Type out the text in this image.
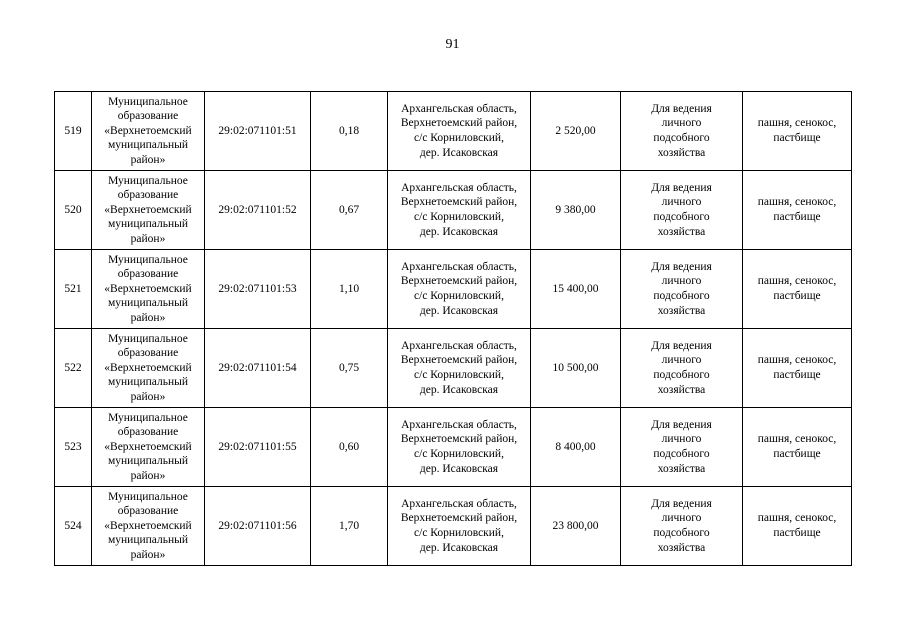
91
519	Муниципальное
образование
«Верхнетоемский
муниципальный
район»	29:02:071101:51	0,18	Архангельская область,
Верхнетоемский район,
с/с Корниловский,
дер. Исаковская	2 520,00	Для ведения
личного
подсобного
хозяйства	пашня, сенокос,
пастбище

520	Муниципальное
образование
«Верхнетоемский
муниципальный
район»	29:02:071101:52	0,67	Архангельская область,
Верхнетоемский район,
с/с Корниловский,
дер. Исаковская	9 380,00	Для ведения
личного
подсобного
хозяйства	пашня, сенокос,
пастбище

521	Муниципальное
образование
«Верхнетоемский
муниципальный
район»	29:02:071101:53	1,10	Архангельская область,
Верхнетоемский район,
с/с Корниловский,
дер. Исаковская	15 400,00	Для ведения
личного
подсобного
хозяйства	пашня, сенокос,
пастбище

522	Муниципальное
образование
«Верхнетоемский
муниципальный
район»	29:02:071101:54	0,75	Архангельская область,
Верхнетоемский район,
с/с Корниловский,
дер. Исаковская	10 500,00	Для ведения
личного
подсобного
хозяйства	пашня, сенокос,
пастбище

523	Муниципальное
образование
«Верхнетоемский
муниципальный
район»	29:02:071101:55	0,60	Архангельская область,
Верхнетоемский район,
с/с Корниловский,
дер. Исаковская	8 400,00	Для ведения
личного
подсобного
хозяйства	пашня, сенокос,
пастбище

524	Муниципальное
образование
«Верхнетоемский
муниципальный
район»	29:02:071101:56	1,70	Архангельская область,
Верхнетоемский район,
с/с Корниловский,
дер. Исаковская	23 800,00	Для ведения
личного
подсобного
хозяйства	пашня, сенокос,
пастбище
